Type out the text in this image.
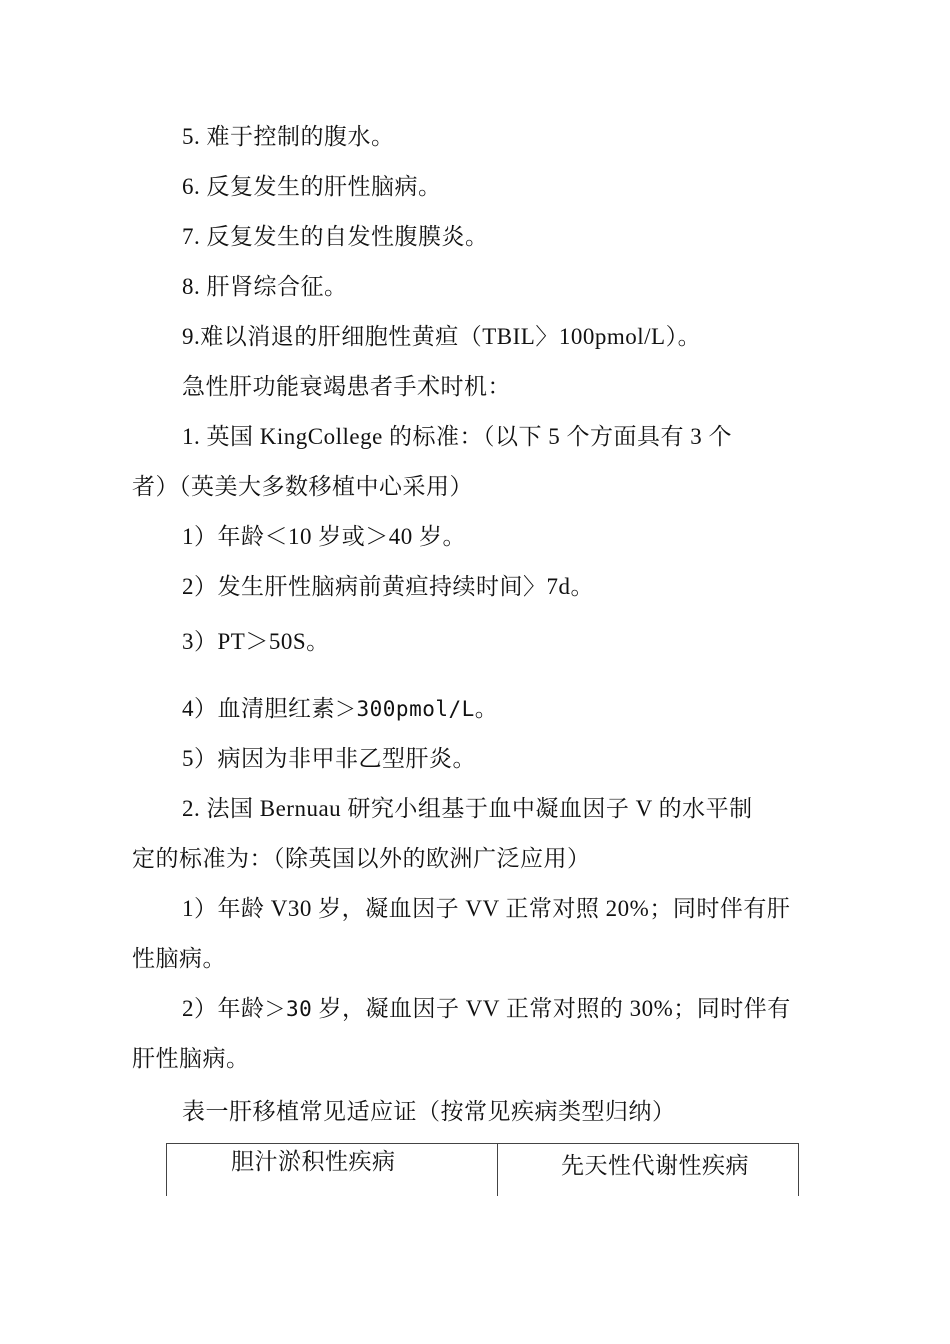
5. 难于控制的腹水。
6. 反复发生的肝性脑病。
7. 反复发生的自发性腹膜炎。
8. 肝肾综合征。
9.难以消退的肝细胞性黄疸（TBIL〉100pmol/L）。
急性肝功能衰竭患者手术时机：
1. 英国 KingCollege 的标准：（以下 5 个方面具有 3 个
者）（英美大多数移植中心采用）
1）年龄＜10 岁或＞40 岁。
2）发生肝性脑病前黄疸持续时间〉7d。
3）PT＞50S。
4）血清胆红素＞300pmol/L。
5）病因为非甲非乙型肝炎。
2. 法国 Bernuau 研究小组基于血中凝血因子 V 的水平制
定的标准为：（除英国以外的欧洲广泛应用）
1）年龄 V30 岁，凝血因子 VV 正常对照 20%；同时伴有肝
性脑病。
2）年龄＞30 岁，凝血因子 VV 正常对照的 30%；同时伴有
肝性脑病。
表一肝移植常见适应证（按常见疾病类型归纳）
胆汁淤积性疾病	先天性代谢性疾病
